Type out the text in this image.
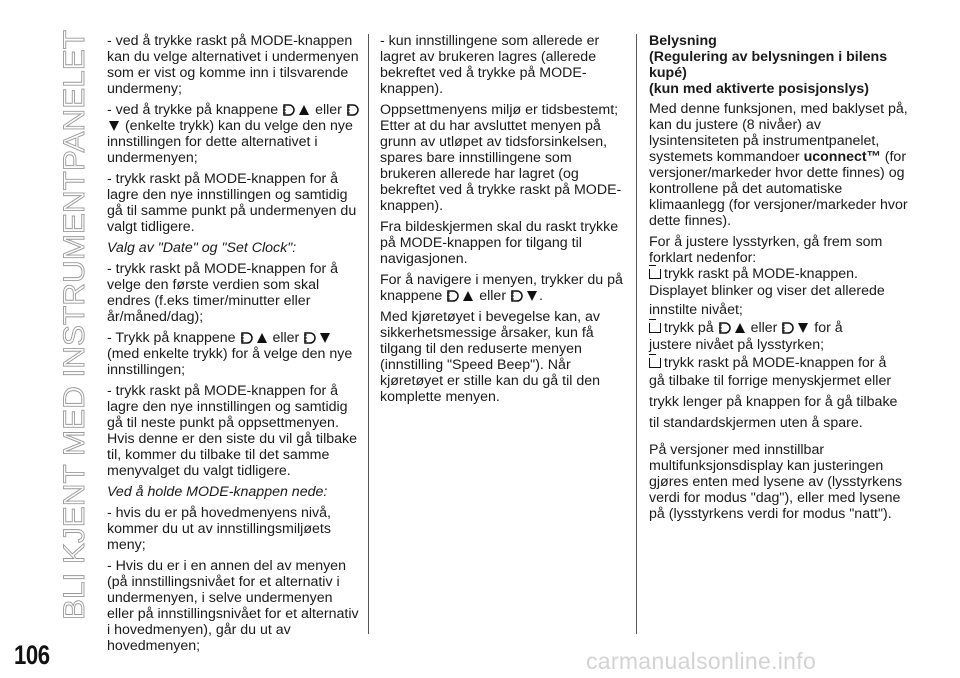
BLI KJENT MED INSTRUMENTPANELET
106

- ved å trykke raskt på MODE-knappen kan du velge alternativet i undermenyen som er vist og komme inn i tilsvarende undermeny;

- ved å trykke på knappene	eller  (enkelte trykk) kan du velge den nye innstillingen for dette alternativet i undermenyen;

- trykk raskt på MODE-knappen for å lagre den nye innstillingen og samtidig gå til samme punkt på undermenyen du valgt tidligere.

Valg av "Date" og "Set Clock":

- trykk raskt på MODE-knappen for å velge den første verdien som skal endres (f.eks timer/minutter eller år/måned/dag);

- Trykk på knappene	eller  (med enkelte trykk) for å velge den nye innstillingen;

- trykk raskt på MODE-knappen for å lagre den nye innstillingen og samtidig gå til neste punkt på oppsettmenyen. Hvis denne er den siste du vil gå tilbake til, kommer du tilbake til det samme menyvalget du valgt tidligere.

Ved å holde MODE-knappen nede:

- hvis du er på hovedmenyens nivå, kommer du ut av innstillingsmiljøets meny;

- Hvis du er i en annen del av menyen (på innstillingsnivået for et alternativ i undermenyen, i selve undermenyen eller på innstillingsnivået for et alternativ i hovedmenyen), går du ut av hovedmenyen;

- kun innstillingene som allerede er lagret av brukeren lagres (allerede bekreftet ved å trykke på MODE-knappen).

Oppsettmenyens miljø er tidsbestemt; Etter at du har avsluttet menyen på grunn av utløpet av tidsforsinkelsen, spares bare innstillingene som brukeren allerede har lagret (og bekreftet ved å trykke raskt på MODE-knappen).

Fra bildeskjermen skal du raskt trykke på MODE-knappen for tilgang til navigasjonen.

For å navigere i menyen, trykker du på knappene	eller .

Med kjøretøyet i bevegelse kan, av sikkerhetsmessige årsaker, kun få tilgang til den reduserte menyen (innstilling "Speed Beep"). Når kjøretøyet er stille kan du gå til den komplette menyen.

Belysning

(Regulering av belysningen i bilens kupé)

(kun med aktiverte posisjonslys)

Med denne funksjonen, med baklyset på, kan du justere (8 nivåer) av lysintensiteten på instrumentpanelet, systemets kommandoer uconnect™ (for versjoner/markeder hvor dette finnes) og kontrollene på det automatiske klimaanlegg (for versjoner/markeder hvor dette finnes).

For å justere lysstyrken, gå frem som forklart nedenfor:

trykk raskt på MODE-knappen.

Displayet blinker og viser det allerede innstilte nivået;

trykk på	eller	for å

justere nivået på lysstyrken;

trykk raskt på MODE-knappen for å

gå tilbake til forrige menyskjermet eller

trykk lenger på knappen for å gå tilbake

til standardskjermen uten å spare.

På versjoner med innstillbar multifunksjonsdisplay kan justeringen gjøres enten med lysene av (lysstyrkens verdi for modus "dag"), eller med lysene på (lysstyrkens verdi for modus "natt").

carmanualsonline.info
